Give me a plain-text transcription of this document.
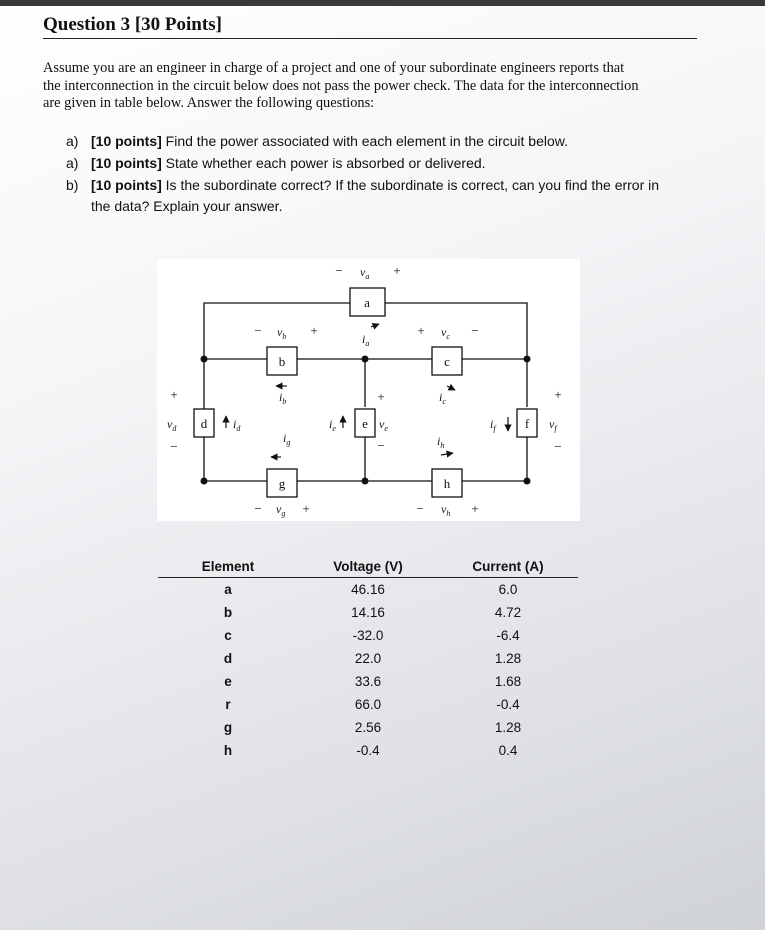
Question 3 [30 Points]
Assume you are an engineer in charge of a project and one of your subordinate engineers reports that
the interconnection in the circuit below does not pass the power check. The data for the interconnection
are given in table below. Answer the following questions:
a) [10 points] Find the power associated with each element in the circuit below.
a) [10 points] State whether each power is absorbed or delivered.
b) [10 points] Is the subordinate correct? If the subordinate is correct, can you find the error in
the data? Explain your answer.
a
b	c
d	e	f
g	h
$v_a$
$v_b$	$v_c$
$v_d$	$v_e$	$v_f$
$v_g$	$v_h$
$i_a$
$i_b$	$i_c$
$i_d$	$i_e$	$i_f$
$i_g$	$i_h$
−	+
−	+	+	−
+
−
+
−
+
−
−	+	−	+
Element	Voltage (V)	Current (A)
a	46.16	6.0
b	14.16	4.72
c	-32.0	-6.4
d	22.0	1.28
e	33.6	1.68
r	66.0	-0.4
g	2.56	1.28
h	-0.4	0.4
